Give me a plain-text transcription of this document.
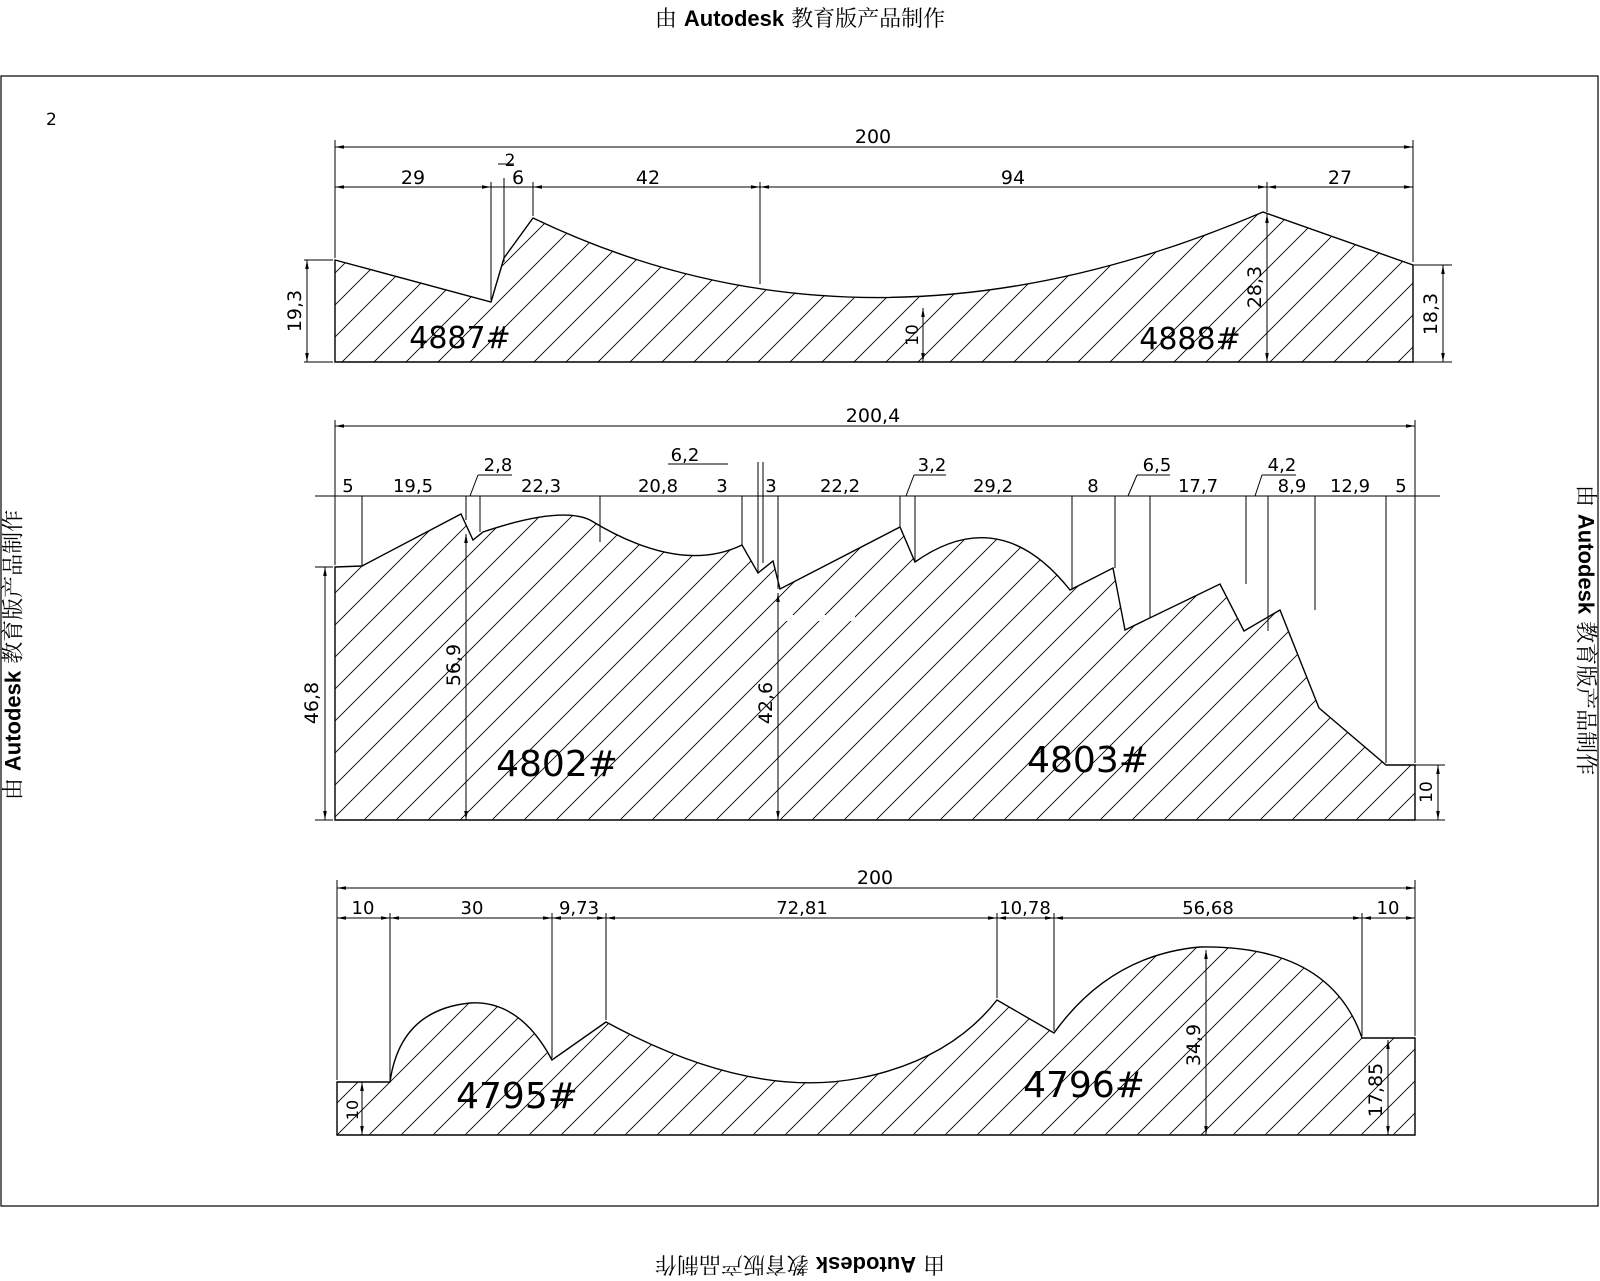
由 Autodesk 教育版产品制作
由 Autodesk 教育版产品制作
由 Autodesk 教育版产品制作
由 Autodesk 教育版产品制作
2
200
29
2
6	42	94	27
19,3
10
28,3
18,3
4887#	4888#
200,4
5 19,5
2,8
22,3	20,8
6,2
3 3 22,2
3,2
29,2	8
6,5
17,7
4,2
8,9 12,9 5
46,8
56,9
42,6
10
4802#	4803#
200
10	30	9,73	72,81	10,78	56,68	10
10
34,9
17,85
4795#	4796#
